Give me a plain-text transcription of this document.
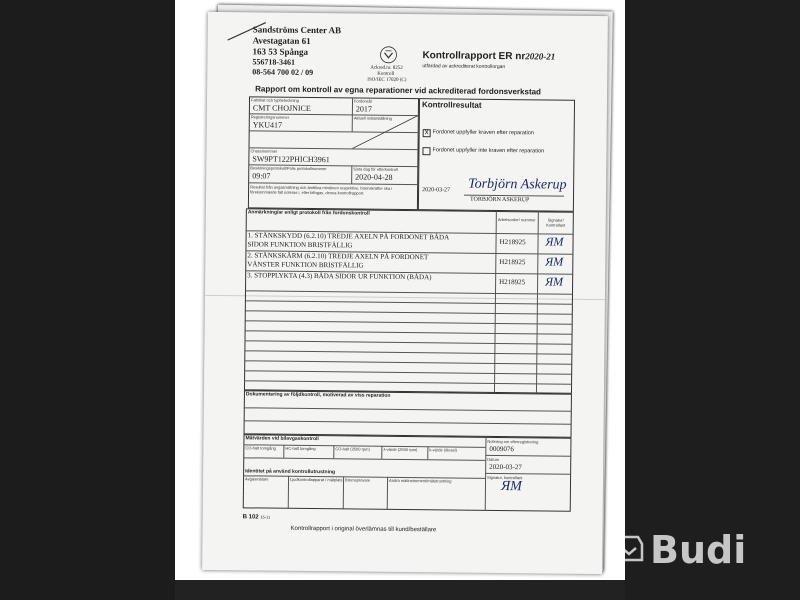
Sandströms Center AB
Avestagatan 61
163 53 Spånga
556718-3461
08-564 700 02 / 09	Ackred.nr. 8252
Kontroll
ISO/IEC 17020 (C)
Kontrollrapport ER nr2020-21
utfärdad av ackrediterat kontrollorgan
Rapport om kontroll av egna reparationer vid ackrediterad fordonsverkstad
Fabrikat och typbeteckning
CMT CHOJNICE
Fordonsår
2017
Registreringsnummer
YKU417
Aktuell mätarställning
Chassinummer
SW9PT122PHICH3961
Besiktningsprotokoll/Polis protokollnummer
09:07
Sista dag för efterkontroll
2020-04-28
Resultat från avgasmätning och ämbliva mindmen respektive, bromskrafter ska i förekommande fall noteras i, eller bifogas, denna kontrollrapport.
Kontrollresultat
X Fordonet uppfyller kraven efter reparation
Fordonet uppfyller inte kraven efter reparation
2020-03-27 Torbjörn Askerup
TORBJÖRN ASKERUP
Anmärkning/ar enligt protokoll från fordonskontroll
Arbetsorder/ nummer	Signatur/ Kontrollant
1. STÄNKSKYDD (6.2.10) TREDJE AXELN PÅ FORDONET BÅDA
SIDOR FUNKTION BRISTFÄLLIG	H218925 ЯМ
2. STÄNKSKÄRM (6.2.10) TREDJE AXELN PÅ FORDONET
VÄNSTER FUNKTION BRISTFÄLLIG	H218925 ЯМ
3. STOPPLYKTA (4.3) BÅDA SIDOR UR FUNKTION (BÅDA)
H218925 ЯМ
Dokumentering av följdkontroll, motiverad av viss reparation
Mätvärden vid bilavgaskontroll
CO-halt tomgång HC-halt tomgång	CO-halt (2500 rpm)	λ-värde (2500 rpm)	k-värde (diesel)
Notering om efterregistrering
0009076
Datum
2020-03-27
Signatur, kontrollant
ЯМ
Identitet på använd kontrollutrustning
Avgasmätare	Ljudkontrollapparat / mätplats Bromsprovare	Andra mätinstrument/mätutrustning
B 102 15-11
Kontrollrapport i original överlämnas till kund/beställare	Budi
